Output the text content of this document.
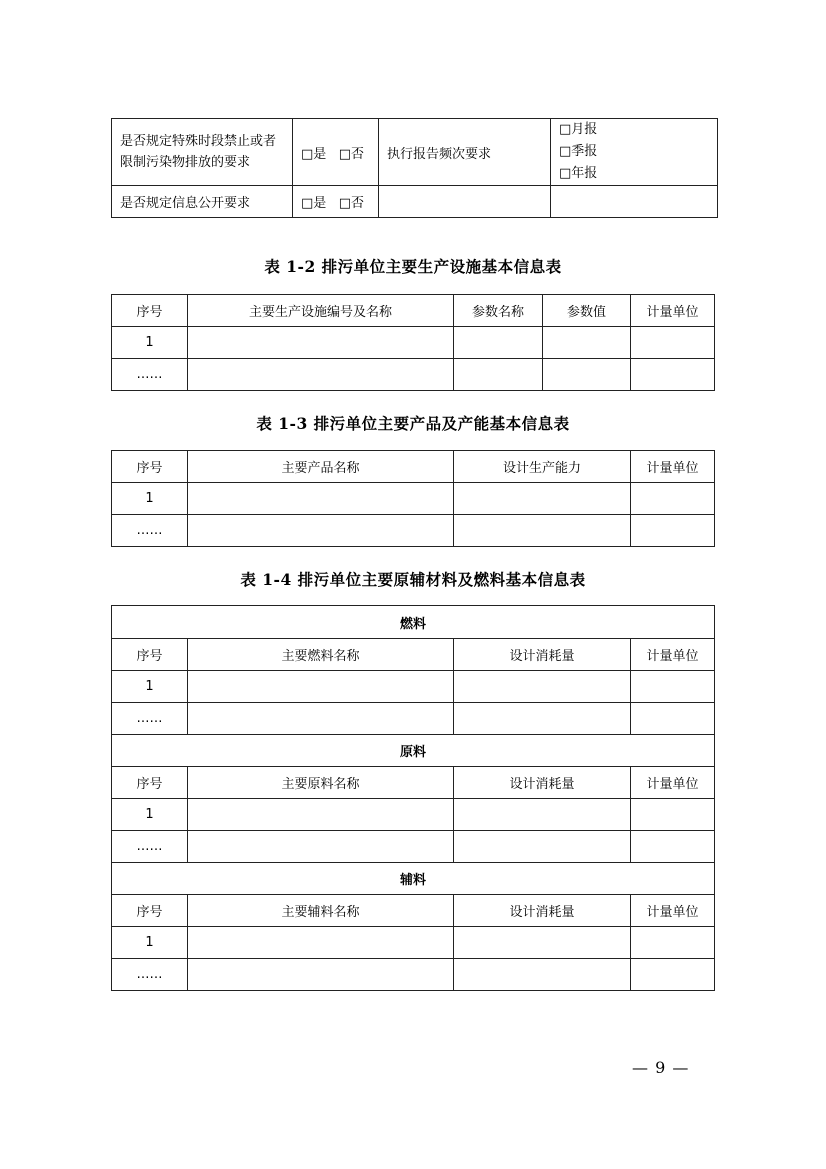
是否规定特殊时段禁止或者限制污染物排放的要求	□是 □否	执行报告频次要求	□月报
□季报
□年报

是否规定信息公开要求	□是 □否		
表 1-2 排污单位主要生产设施基本信息表
序号	主要生产设施编号及名称	参数名称	参数值	计量单位
1				
……				
表 1-3 排污单位主要产品及产能基本信息表
序号	主要产品名称	设计生产能力	计量单位
1			
……			
表 1-4 排污单位主要原辅材料及燃料基本信息表
燃料			
序号	主要燃料名称	设计消耗量	计量单位
1			
……			
原料			
序号	主要原料名称	设计消耗量	计量单位
1			
……			
辅料			
序号	主要辅料名称	设计消耗量	计量单位
1			
……			
— 9 —
